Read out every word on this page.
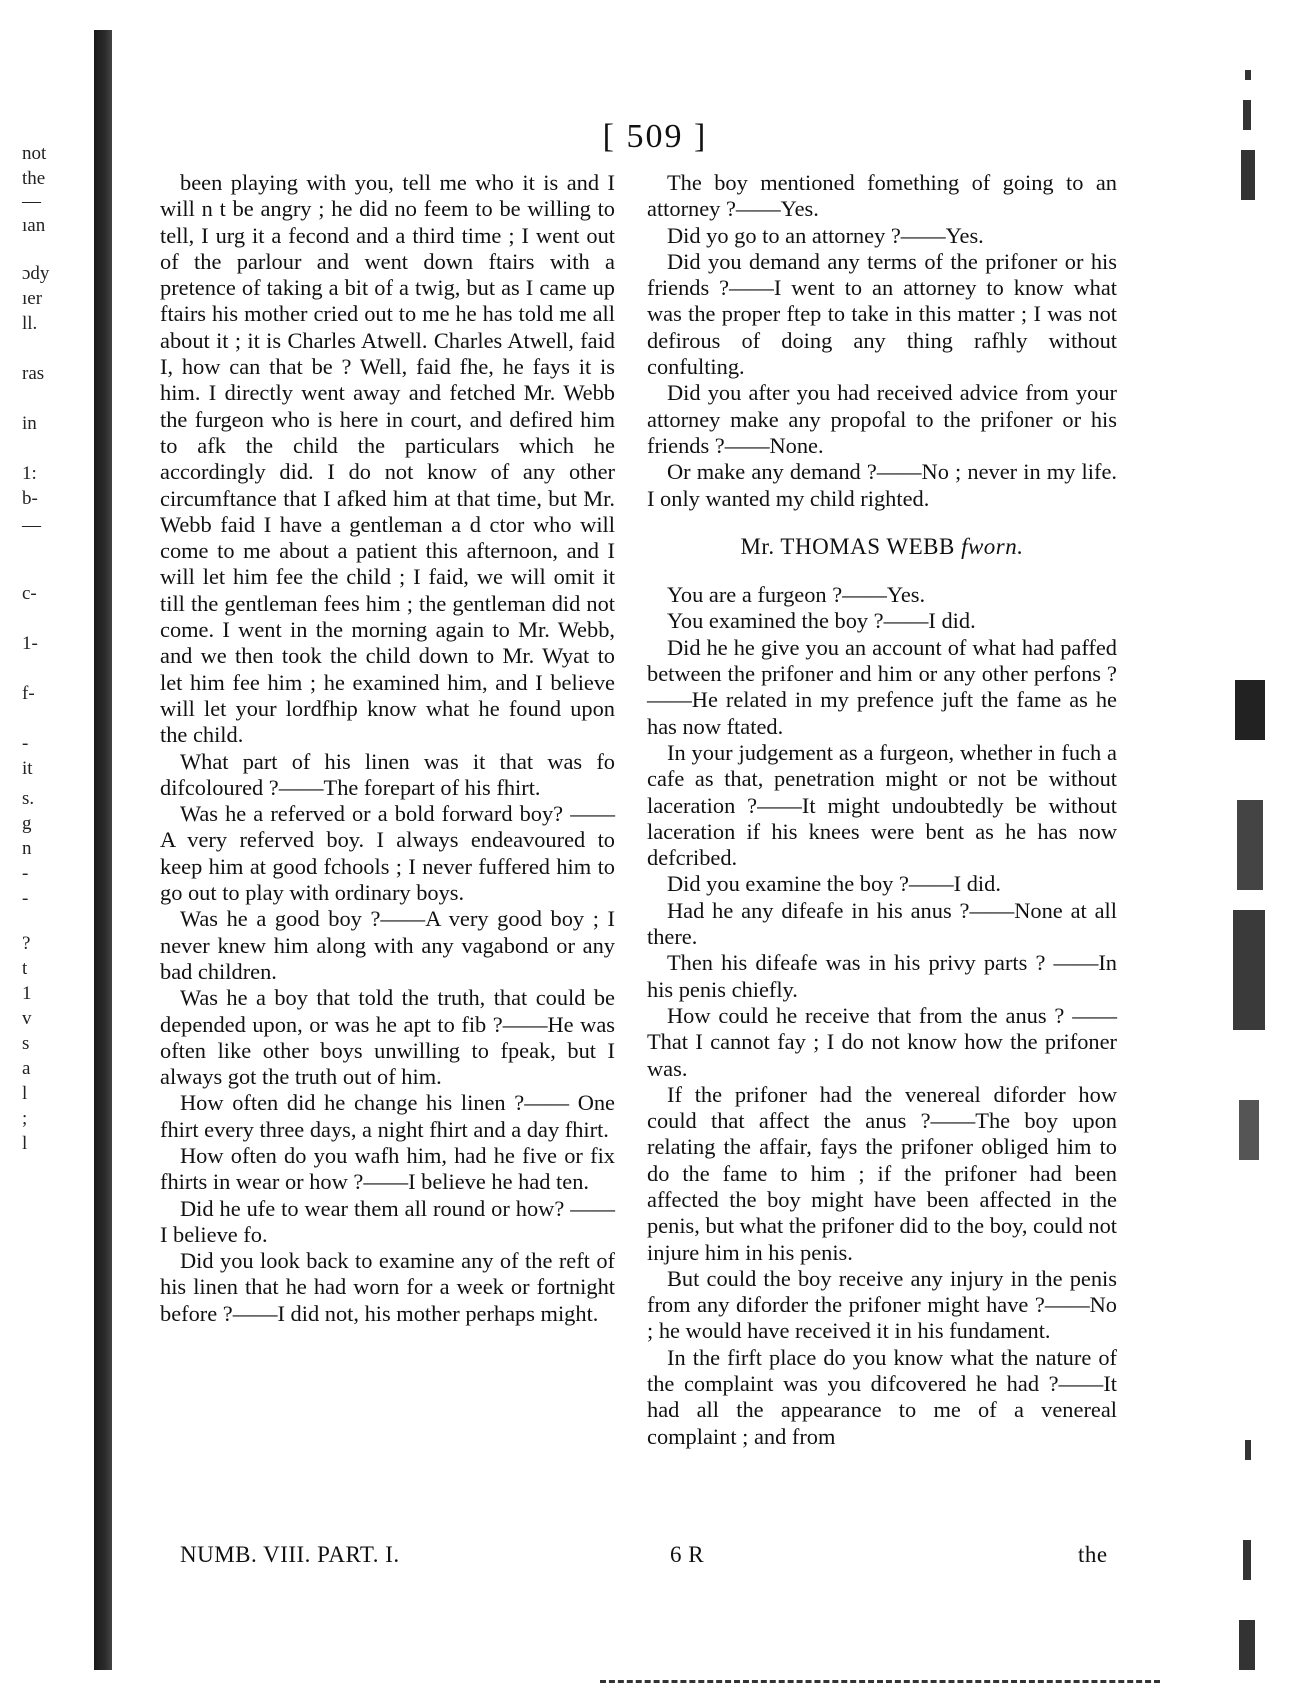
not
the
—
ıan
ɔdy
ıer
ll.
ras
in
1:
b-
—
c-
1-
f-
-
it
s.
g
n
-
-
?
t
1
v
s
a
l
;
l
[ 509 ]

been playing with you, tell me who it is and I will n t be angry ; he did no feem to be willing to tell, I urg it a fecond and a third time ; I went out of the parlour and went down ftairs with a pretence of taking a bit of a twig, but as I came up ftairs his mother cried out to me he has told me all about it ; it is Charles Atwell. Charles Atwell, faid I, how can that be ? Well, faid fhe, he fays it is him. I directly went away and fetched Mr. Webb the furgeon who is here in court, and defired him to afk the child the particulars which he accordingly did. I do not know of any other circumftance that I afked him at that time, but Mr. Webb faid I have a gentleman a d ctor who will come to me about a patient this afternoon, and I will let him fee the child ; I faid, we will omit it till the gentleman fees him ; the gentleman did not come. I went in the morning again to Mr. Webb, and we then took the child down to Mr. Wyat to let him fee him ; he examined him, and I believe will let your lordfhip know what he found upon the child.

What part of his linen was it that was fo difcoloured ?——The forepart of his fhirt.

Was he a referved or a bold forward boy? ——A very referved boy. I always endeavoured to keep him at good fchools ; I never fuffered him to go out to play with ordinary boys.

Was he a good boy ?——A very good boy ; I never knew him along with any vagabond or any bad children.

Was he a boy that told the truth, that could be depended upon, or was he apt to fib ?——He was often like other boys unwilling to fpeak, but I always got the truth out of him.

How often did he change his linen ?—— One fhirt every three days, a night fhirt and a day fhirt.

How often do you wafh him, had he five or fix fhirts in wear or how ?——I believe he had ten.

Did he ufe to wear them all round or how? ——I believe fo.

Did you look back to examine any of the reft of his linen that he had worn for a week or fortnight before ?——I did not, his mother perhaps might.

The boy mentioned fomething of going to an attorney ?——Yes.

Did yo go to an attorney ?——Yes.

Did you demand any terms of the prifoner or his friends ?——I went to an attorney to know what was the proper ftep to take in this matter ; I was not defirous of doing any thing rafhly without confulting.

Did you after you had received advice from your attorney make any propofal to the prifoner or his friends ?——None.

Or make any demand ?——No ; never in my life. I only wanted my child righted.

Mr. THOMAS WEBB fworn.

You are a furgeon ?——Yes.

You examined the boy ?——I did.

Did he he give you an account of what had paffed between the prifoner and him or any other perfons ?——He related in my prefence juft the fame as he has now ftated.

In your judgement as a furgeon, whether in fuch a cafe as that, penetration might or not be without laceration ?——It might undoubtedly be without laceration if his knees were bent as he has now defcribed.

Did you examine the boy ?——I did.

Had he any difeafe in his anus ?——None at all there.

Then his difeafe was in his privy parts ? ——In his penis chiefly.

How could he receive that from the anus ? ——That I cannot fay ; I do not know how the prifoner was.

If the prifoner had the venereal diforder how could that affect the anus ?——The boy upon relating the affair, fays the prifoner obliged him to do the fame to him ; if the prifoner had been affected the boy might have been affected in the penis, but what the prifoner did to the boy, could not injure him in his penis.

But could the boy receive any injury in the penis from any diforder the prifoner might have ?——No ; he would have received it in his fundament.

In the firft place do you know what the nature of the complaint was you difcovered he had ?——It had all the appearance to me of a venereal complaint ; and from

NUMB. VIII. PART. I.	6 R	the
